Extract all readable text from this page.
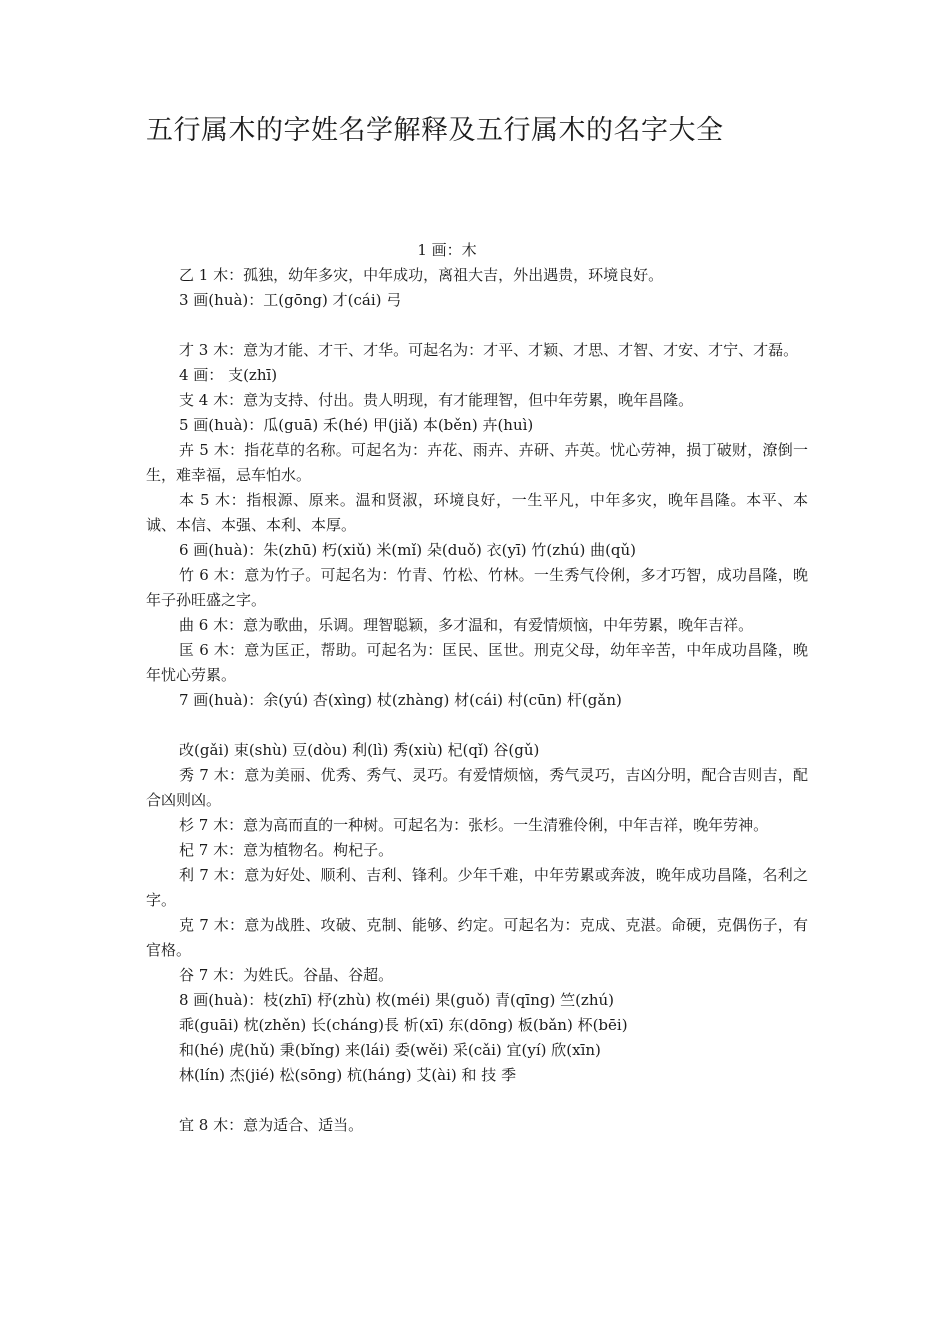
五行属木的字姓名学解释及五行属木的名字大全

1 画：木

乙 1 木：孤独，幼年多灾，中年成功，离祖大吉，外出遇贵，环境良好。

3 画(huà)：工(gōng) 才(cái) 弓

才 3 木：意为才能、才干、才华。可起名为：才平、才颖、才思、才智、才安、才宁、才磊。

4 画： 支(zhī)

支 4 木：意为支持、付出。贵人明现，有才能理智，但中年劳累，晚年昌隆。

5 画(huà)：瓜(guā) 禾(hé) 甲(jiǎ) 本(běn) 卉(huì)

卉 5 木：指花草的名称。可起名为：卉花、雨卉、卉研、卉英。忧心劳神，损丁破财，潦倒一生，难幸福，忌车怕水。

本 5 木：指根源、原来。温和贤淑，环境良好，一生平凡，中年多灾，晚年昌隆。本平、本诚、本信、本强、本利、本厚。

6 画(huà)：朱(zhū) 朽(xiǔ) 米(mǐ) 朵(duǒ) 衣(yī) 竹(zhú) 曲(qǔ)

竹 6 木：意为竹子。可起名为：竹青、竹松、竹林。一生秀气伶俐，多才巧智，成功昌隆，晚年子孙旺盛之字。

曲 6 木：意为歌曲，乐调。理智聪颖，多才温和，有爱情烦恼，中年劳累，晚年吉祥。

匡 6 木：意为匡正，帮助。可起名为：匡民、匡世。刑克父母，幼年辛苦，中年成功昌隆，晚年忧心劳累。

7 画(huà)：余(yú) 杏(xìng) 杖(zhàng) 材(cái) 村(cūn) 杆(gǎn)

改(gǎi) 束(shù) 豆(dòu) 利(lì) 秀(xiù) 杞(qǐ) 谷(gǔ)

秀 7 木：意为美丽、优秀、秀气、灵巧。有爱情烦恼，秀气灵巧，吉凶分明，配合吉则吉，配合凶则凶。

杉 7 木：意为高而直的一种树。可起名为：张杉。一生清雅伶俐，中年吉祥，晚年劳神。

杞 7 木：意为植物名。枸杞子。

利 7 木：意为好处、顺利、吉利、锋利。少年千难，中年劳累或奔波，晚年成功昌隆，名利之字。

克 7 木：意为战胜、攻破、克制、能够、约定。可起名为：克成、克湛。命硬，克偶伤子，有官格。

谷 7 木：为姓氏。谷晶、谷超。

8 画(huà)：枝(zhī) 杼(zhù) 枚(méi) 果(guǒ) 青(qīng) 竺(zhú)

乖(guāi) 枕(zhěn) 长(cháng)長 析(xī) 东(dōng) 板(bǎn) 杯(bēi)

和(hé) 虎(hǔ) 秉(bǐng) 来(lái) 委(wěi) 采(cǎi) 宜(yí) 欣(xīn)

林(lín) 杰(jié) 松(sōng) 杭(háng) 艾(ài) 和 技 季

宜 8 木：意为适合、适当。
